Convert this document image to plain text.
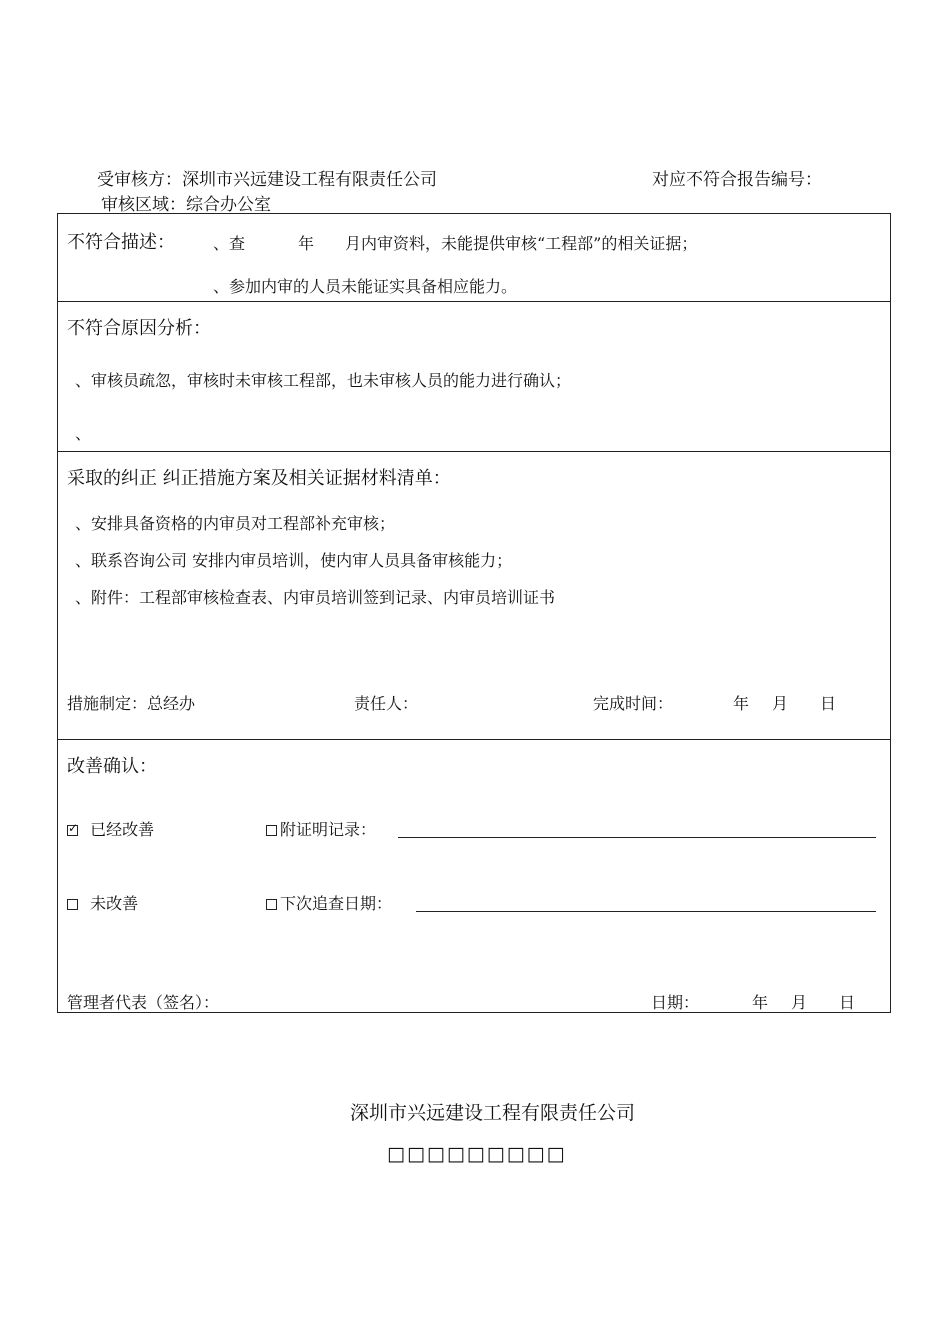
受审核方：深圳市兴远建设工程有限责任公司	对应不符合报告编号：
审核区域：综合办公室
不符合描述： 、查	年 月内审资料，未能提供审核“工程部”的相关证据；
、参加内审的人员未能证实具备相应能力。
不符合原因分析：
、审核员疏忽，审核时未审核工程部，也未审核人员的能力进行确认；
、
采取的纠正 纠正措施方案及相关证据材料清单：
、安排具备资格的内审员对工程部补充审核；
、联系咨询公司 安排内审员培训，使内审人员具备审核能力；
、附件：工程部审核检查表、内审员培训签到记录、内审员培训证书
措施制定：总经办	责任人：	完成时间：	年 月 日
改善确认：
✓ 已经改善	附证明记录：
未改善	下次追查日期：
管理者代表（签名）：	日期：	年 月 日
深圳市兴远建设工程有限责任公司
□□□□□□□□□
